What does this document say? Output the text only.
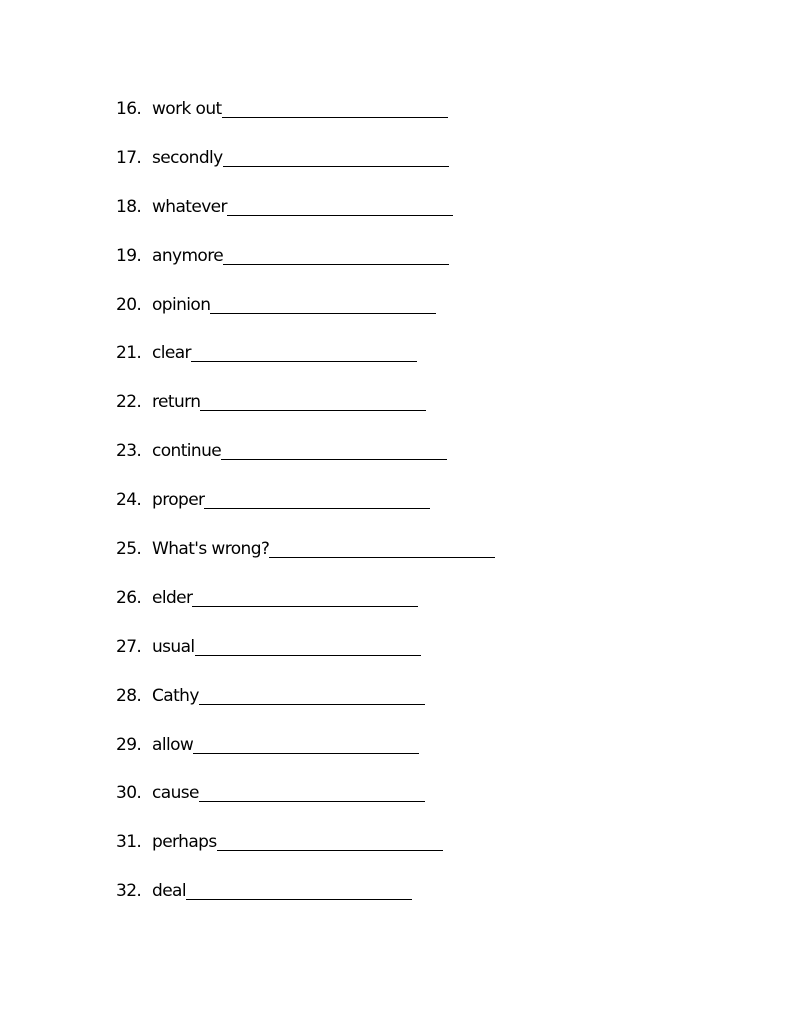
16. work out
17. secondly
18. whatever
19. anymore
20. opinion
21. clear
22. return
23. continue
24. proper
25. What's wrong?
26. elder
27. usual
28. Cathy
29. allow
30. cause
31. perhaps
32. deal
